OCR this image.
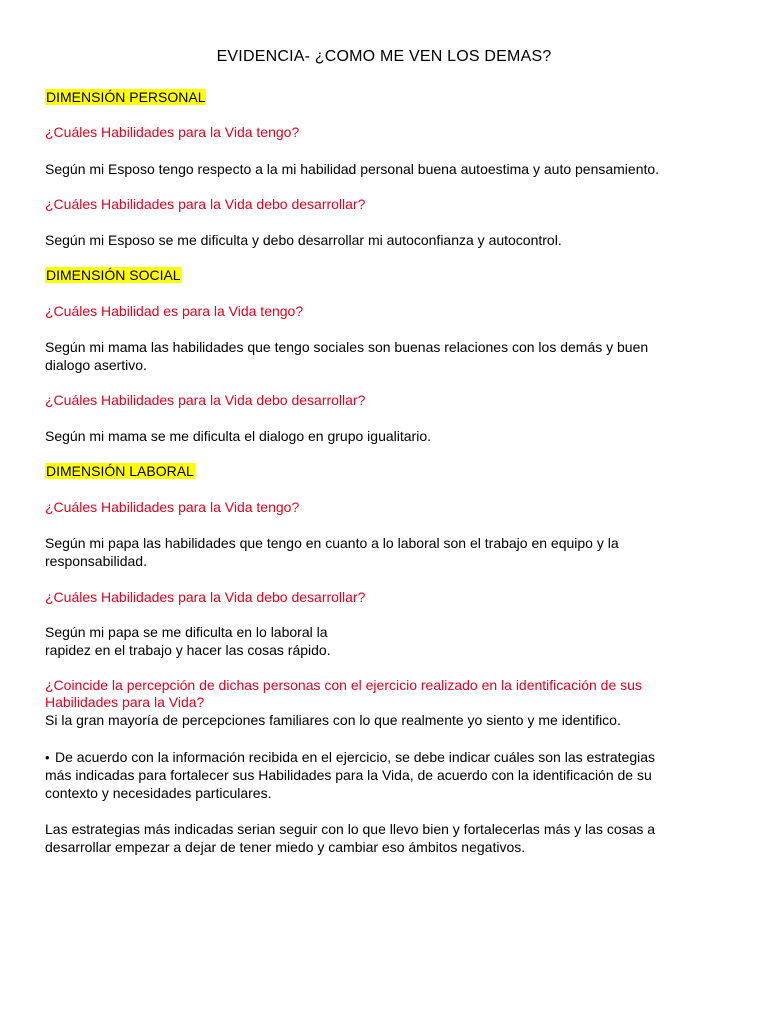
EVIDENCIA- ¿COMO ME VEN LOS DEMAS?
DIMENSIÓN PERSONAL
¿Cuáles Habilidades para la Vida tengo?
Según mi Esposo tengo respecto a la mi habilidad personal buena autoestima y auto pensamiento.
¿Cuáles Habilidades para la Vida debo desarrollar?
Según mi Esposo se me dificulta y debo desarrollar mi autoconfianza y autocontrol.
DIMENSIÓN SOCIAL
¿Cuáles Habilidad es para la Vida tengo?
Según mi mama las habilidades que tengo sociales son buenas relaciones con los demás y buen
dialogo asertivo.
¿Cuáles Habilidades para la Vida debo desarrollar?
Según mi mama se me dificulta el dialogo en grupo igualitario.
DIMENSIÓN LABORAL
¿Cuáles Habilidades para la Vida tengo?
Según mi papa las habilidades que tengo en cuanto a lo laboral son el trabajo en equipo y la
responsabilidad.
¿Cuáles Habilidades para la Vida debo desarrollar?
Según mi papa se me dificulta en lo laboral la
rapidez en el trabajo y hacer las cosas rápido.
¿Coincide la percepción de dichas personas con el ejercicio realizado en la identificación de sus
Habilidades para la Vida?
Si la gran mayoría de percepciones familiares con lo que realmente yo siento y me identifico.
• De acuerdo con la información recibida en el ejercicio, se debe indicar cuáles son las estrategias
más indicadas para fortalecer sus Habilidades para la Vida, de acuerdo con la identificación de su
contexto y necesidades particulares.
Las estrategias más indicadas serian seguir con lo que llevo bien y fortalecerlas más y las cosas a
desarrollar empezar a dejar de tener miedo y cambiar eso ámbitos negativos.
